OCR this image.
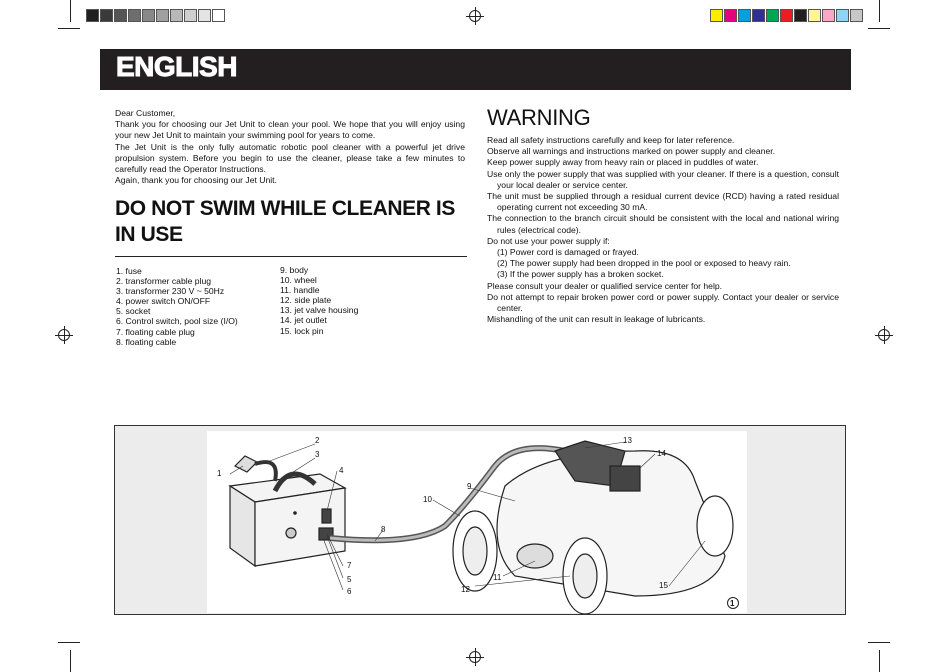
ENGLISH

Dear Customer,

Thank you for choosing our Jet Unit to clean your pool. We hope that you will enjoy using your new Jet Unit to maintain your swimming pool for years to come.

The Jet Unit is the only fully automatic robotic pool cleaner with a powerful jet drive propulsion system. Before you begin to use the cleaner, please take a few minutes to carefully read the Operator Instructions.

Again, thank you for choosing our Jet Unit.

DO NOT SWIM WHILE CLEANER IS IN USE
1. fuse
2. transformer cable plug
3. transformer 230 V ~ 50Hz
4. power switch ON/OFF
5. socket
6. Control switch, pool size (I/O)
7. floating cable plug
8. floating cable
9. body
10. wheel
11. handle
12. side plate
13. jet valve housing
14. jet outlet
15. lock pin
WARNING

Read all safety instructions carefully and keep for later reference.

Observe all warnings and instructions marked on power supply and cleaner.

Keep power supply away from heavy rain or placed in puddles of water.

Use only the power supply that was supplied with your cleaner. If there is a question, consult your local dealer or service center.

The unit must be supplied through a residual current device (RCD) having a rated residual operating current not exceeding 30 mA.

The connection to the branch circuit should be consistent with the local and national wiring rules (electrical code).

Do not use your power supply if:

(1) Power cord is damaged or frayed.

(2) The power supply had been dropped in the pool or exposed to heavy rain.

(3) If the power supply has a broken socket.

Please consult your dealer or qualified service center for help.

Do not attempt to repair broken power cord or power supply. Contact your dealer or service center.

Mishandling of the unit can result in leakage of lubricants.

1
2
3
4
5
6
7
8
9
10
11
12
13
14
15
1
